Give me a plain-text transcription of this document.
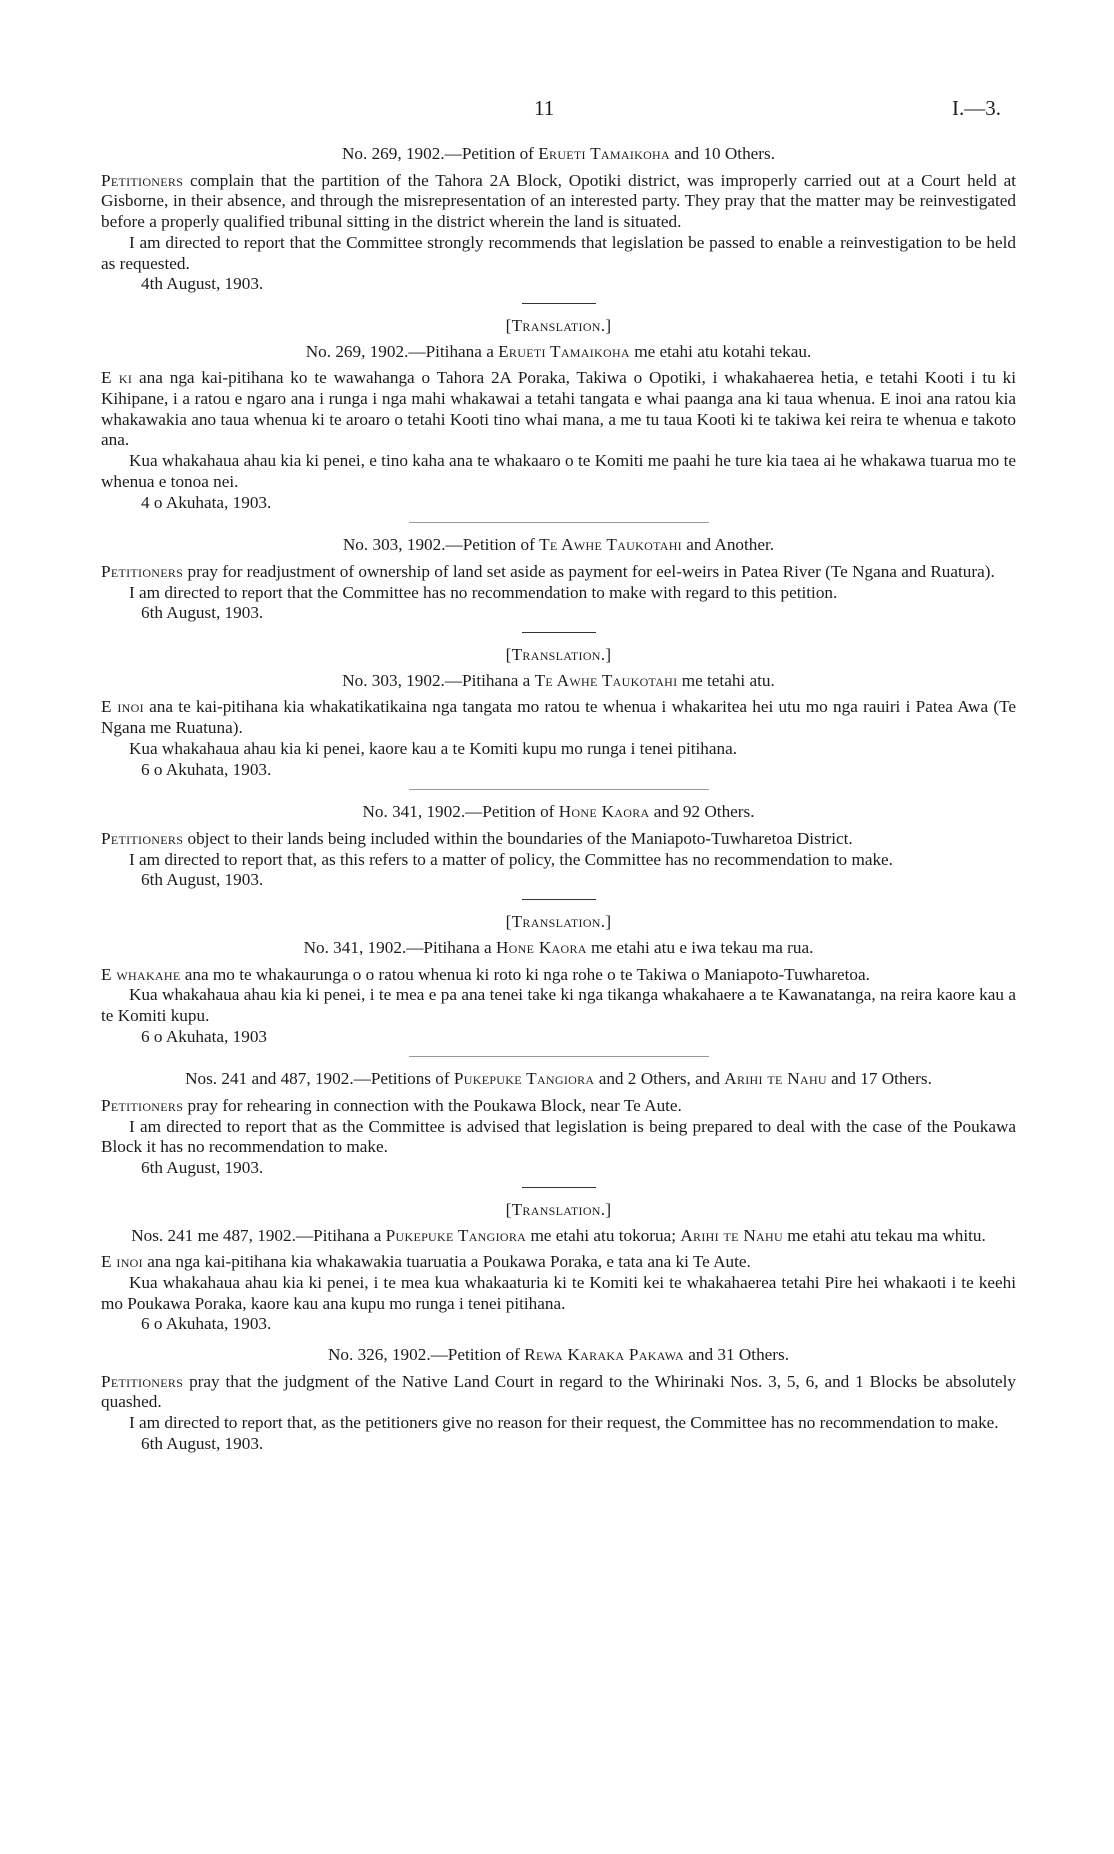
11	I.—3.

No. 269, 1902.—Petition of Erueti Tamaikoha and 10 Others.

Petitioners complain that the partition of the Tahora 2A Block, Opotiki district, was improperly carried out at a Court held at Gisborne, in their absence, and through the misrepresentation of an interested party. They pray that the matter may be reinvestigated before a properly qualified tribunal sitting in the district wherein the land is situated.

I am directed to report that the Committee strongly recommends that legislation be passed to enable a reinvestigation to be held as requested.

4th August, 1903.

[Translation.]

No. 269, 1902.—Pitihana a Erueti Tamaikoha me etahi atu kotahi tekau.

E ki ana nga kai-pitihana ko te wawahanga o Tahora 2A Poraka, Takiwa o Opotiki, i whakahaerea hetia, e tetahi Kooti i tu ki Kihipane, i a ratou e ngaro ana i runga i nga mahi whakawai a tetahi tangata e whai paanga ana ki taua whenua. E inoi ana ratou kia whakawakia ano taua whenua ki te aroaro o tetahi Kooti tino whai mana, a me tu taua Kooti ki te takiwa kei reira te whenua e takoto ana.

Kua whakahaua ahau kia ki penei, e tino kaha ana te whakaaro o te Komiti me paahi he ture kia taea ai he whakawa tuarua mo te whenua e tonoa nei.

4 o Akuhata, 1903.

No. 303, 1902.—Petition of Te Awhe Taukotahi and Another.

Petitioners pray for readjustment of ownership of land set aside as payment for eel-weirs in Patea River (Te Ngana and Ruatura).

I am directed to report that the Committee has no recommendation to make with regard to this petition.

6th August, 1903.

[Translation.]

No. 303, 1902.—Pitihana a Te Awhe Taukotahi me tetahi atu.

E inoi ana te kai-pitihana kia whakatikatikaina nga tangata mo ratou te whenua i whakaritea hei utu mo nga rauiri i Patea Awa (Te Ngana me Ruatuna).

Kua whakahaua ahau kia ki penei, kaore kau a te Komiti kupu mo runga i tenei pitihana.

6 o Akuhata, 1903.

No. 341, 1902.—Petition of Hone Kaora and 92 Others.

Petitioners object to their lands being included within the boundaries of the Maniapoto-Tuwharetoa District.

I am directed to report that, as this refers to a matter of policy, the Committee has no recommendation to make.

6th August, 1903.

[Translation.]

No. 341, 1902.—Pitihana a Hone Kaora me etahi atu e iwa tekau ma rua.

E whakahe ana mo te whakaurunga o o ratou whenua ki roto ki nga rohe o te Takiwa o Maniapoto-Tuwharetoa.

Kua whakahaua ahau kia ki penei, i te mea e pa ana tenei take ki nga tikanga whakahaere a te Kawanatanga, na reira kaore kau a te Komiti kupu.

6 o Akuhata, 1903

Nos. 241 and 487, 1902.—Petitions of Pukepuke Tangiora and 2 Others, and Arihi te Nahu and 17 Others.

Petitioners pray for rehearing in connection with the Poukawa Block, near Te Aute.

I am directed to report that as the Committee is advised that legislation is being prepared to deal with the case of the Poukawa Block it has no recommendation to make.

6th August, 1903.

[Translation.]

Nos. 241 me 487, 1902.—Pitihana a Pukepuke Tangiora me etahi atu tokorua; Arihi te Nahu me etahi atu tekau ma whitu.

E inoi ana nga kai-pitihana kia whakawakia tuaruatia a Poukawa Poraka, e tata ana ki Te Aute.

Kua whakahaua ahau kia ki penei, i te mea kua whakaaturia ki te Komiti kei te whakahaerea tetahi Pire hei whakaoti i te keehi mo Poukawa Poraka, kaore kau ana kupu mo runga i tenei pitihana.

6 o Akuhata, 1903.

No. 326, 1902.—Petition of Rewa Karaka Pakawa and 31 Others.

Petitioners pray that the judgment of the Native Land Court in regard to the Whirinaki Nos. 3, 5, 6, and 1 Blocks be absolutely quashed.

I am directed to report that, as the petitioners give no reason for their request, the Committee has no recommendation to make.

6th August, 1903.
